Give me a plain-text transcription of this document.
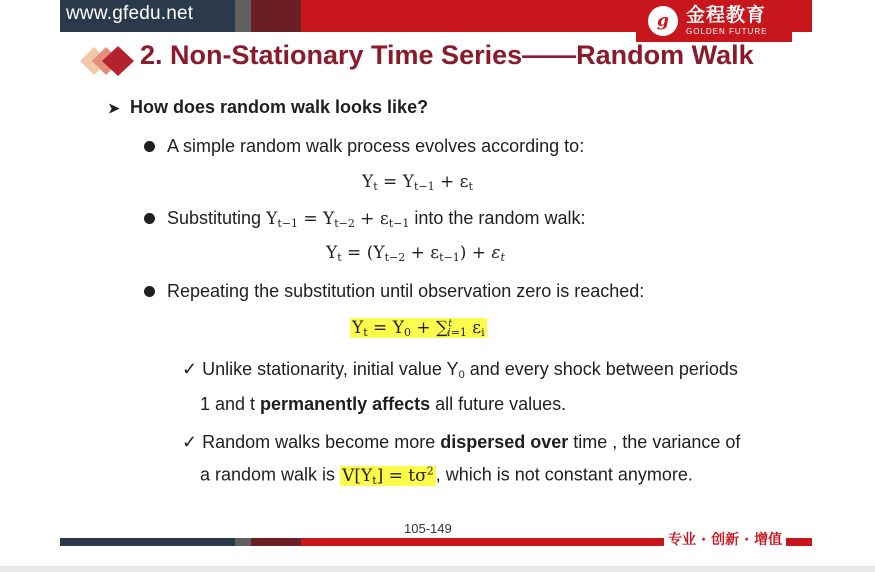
www.gfedu.net	g 金程教育
GOLDEN FUTURE
2. Non-Stationary Time Series——Random Walk
➤ How does random walk looks like?
A simple random walk process evolves according to:
$Y_t = Y_{t-1} + \varepsilon_t$
Substituting $Y_{t-1} = Y_{t-2} + \varepsilon_{t-1}$ into the random walk:
$Y_t = (Y_{t-2} + \varepsilon_{t-1}) + \varepsilon_t$
Repeating the substitution until observation zero is reached:
$Y_t = Y_0 + \sum^t_{i=1}$ $\varepsilon_i$
✓ Unlike stationarity, initial value $Y_0$ and every shock between periods
1 and t permanently affects all future values.
✓ Random walks become more dispersed over time , the variance of
a random walk is $V[Y_t] = t\sigma^2$ , which is not constant anymore.
105-149
专业 · 创新 · 增值
